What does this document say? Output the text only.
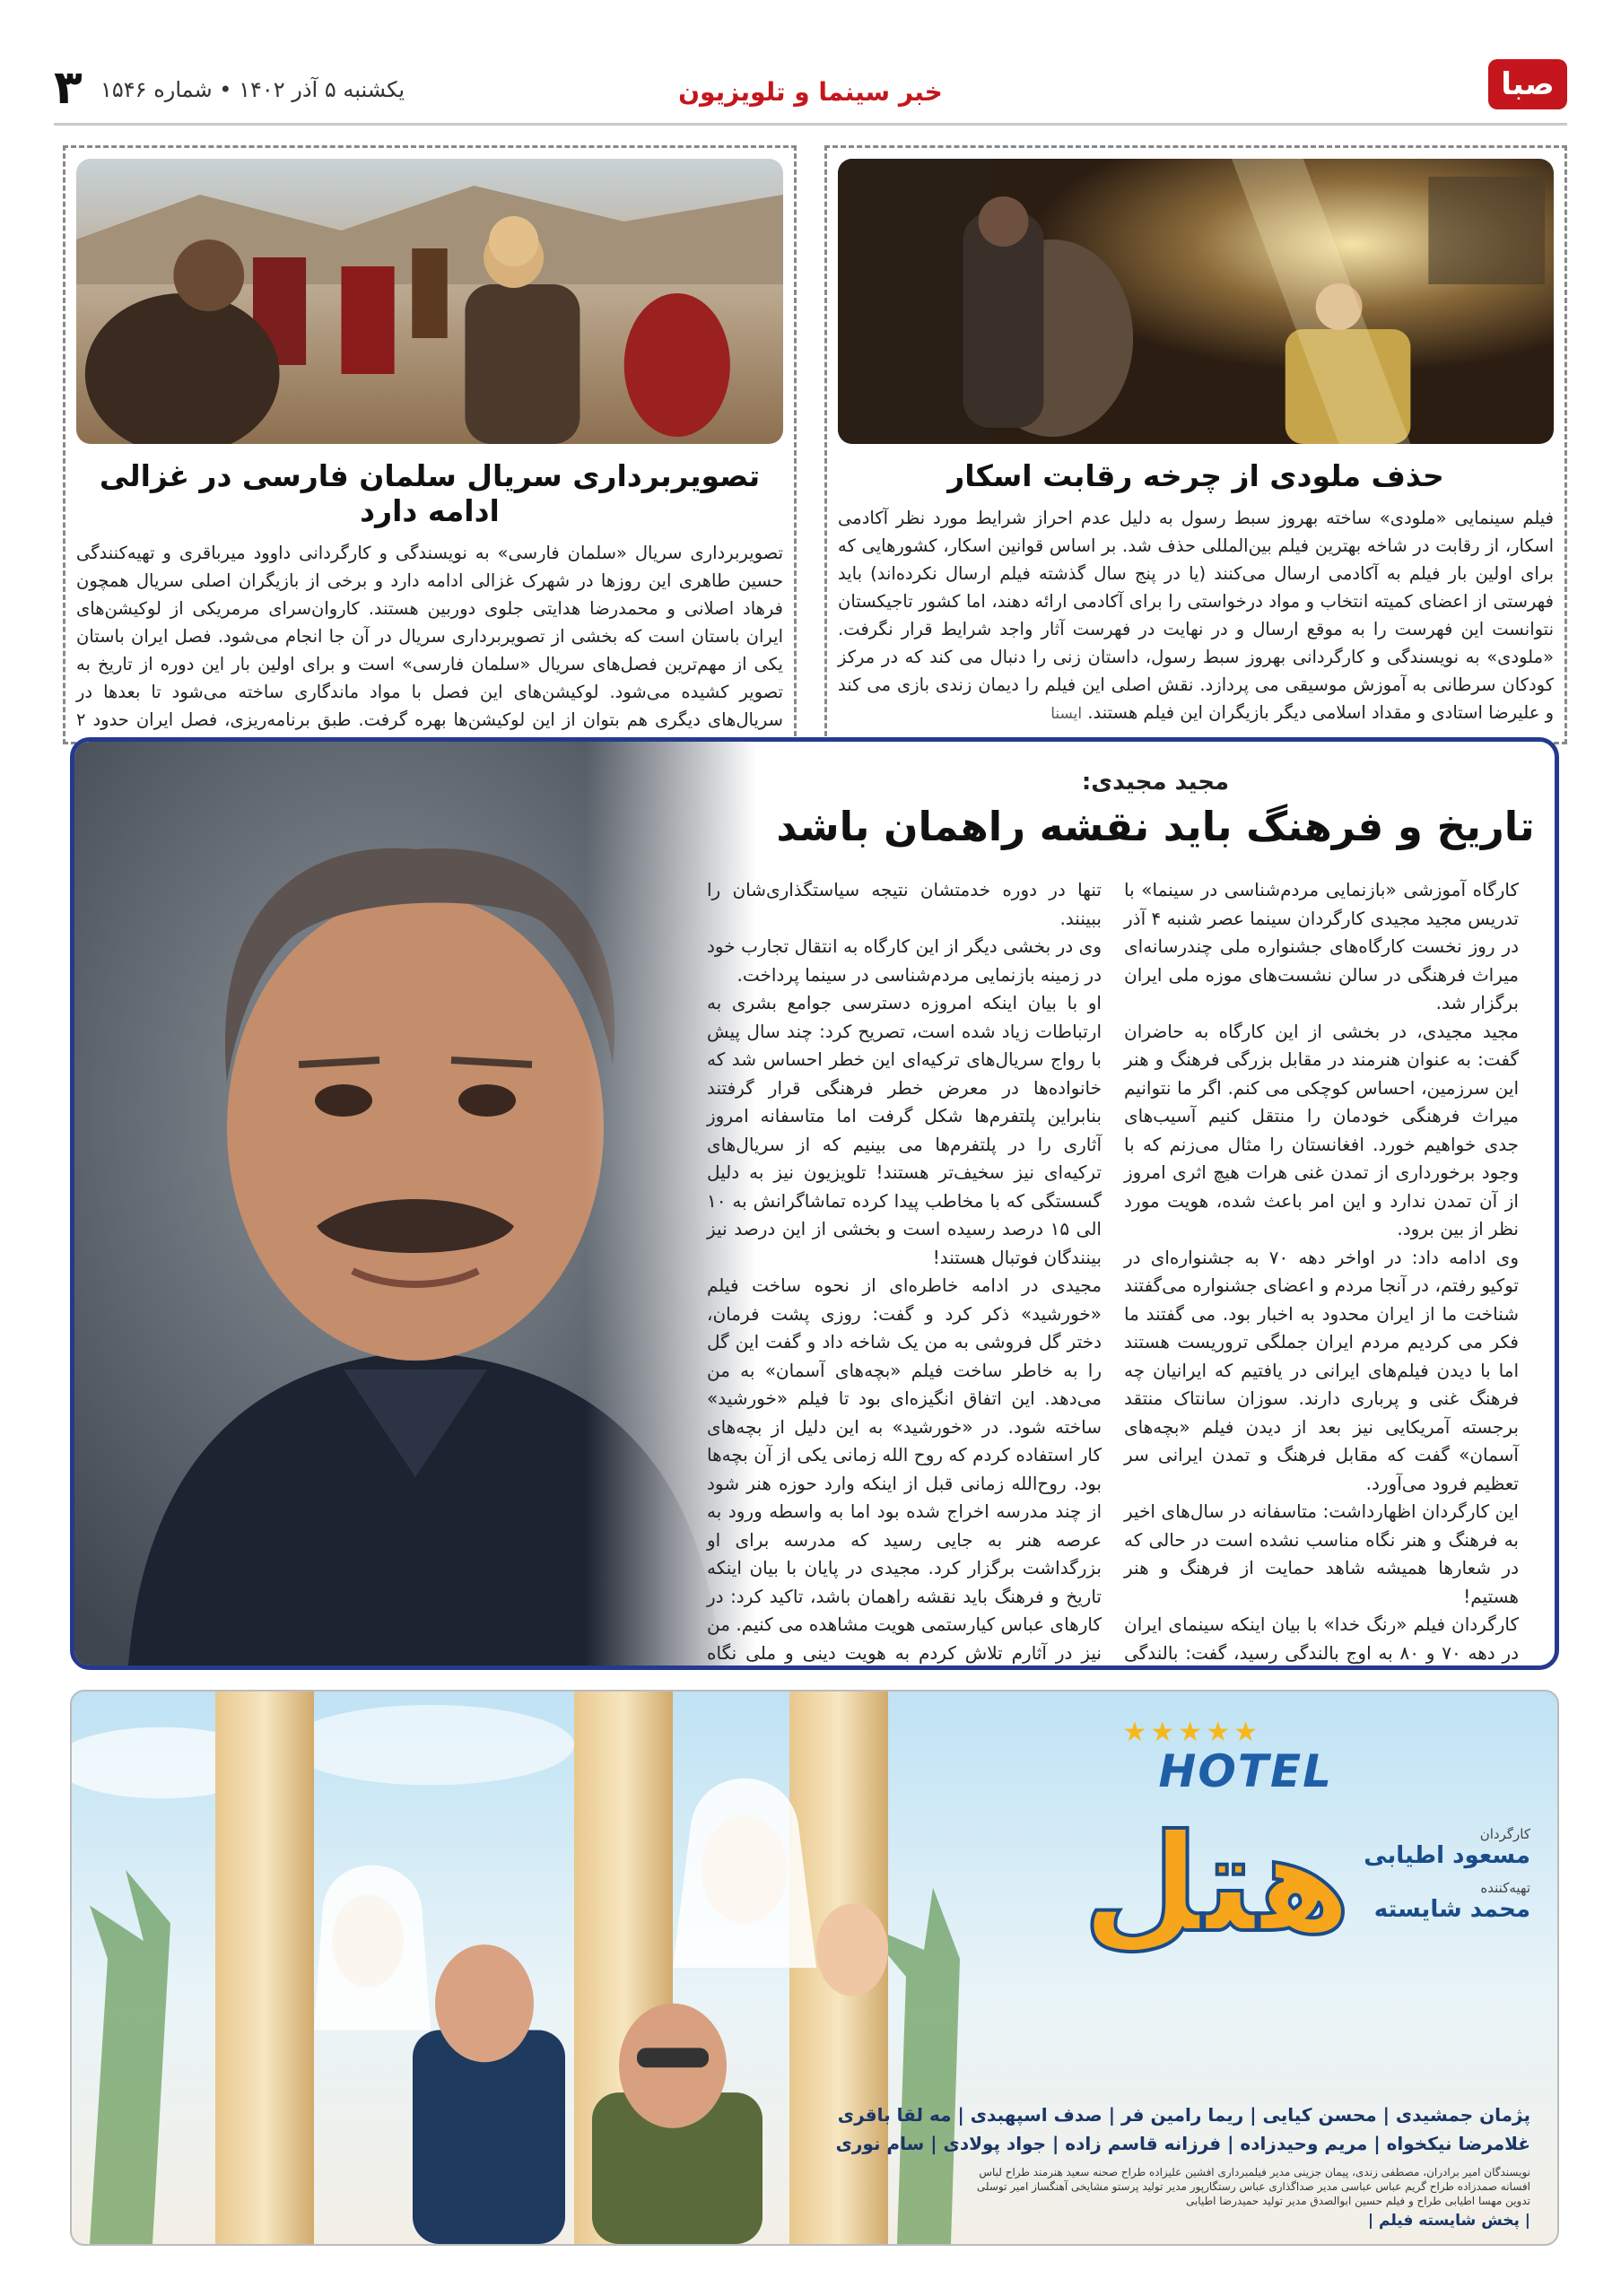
صبا
خبر سینما و تلویزیون
یکشنبه ۵ آذر ۱۴۰۲ • شماره ۱۵۴۶
۳
حذف ملودی از چرخه رقابت اسکار
فیلم سینمایی «ملودی» ساخته بهروز سبط رسول به دلیل عدم احراز شرایط مورد نظر آکادمی اسکار، از رقابت در شاخه بهترین فیلم بین‌المللی حذف شد. بر اساس قوانین اسکار، کشورهایی که برای اولین بار فیلم به آکادمی ارسال می‌کنند (یا در پنج سال گذشته فیلم ارسال نکرده‌اند) باید فهرستی از اعضای کمیته انتخاب و مواد درخواستی را برای آکادمی ارائه دهند، اما کشور تاجیکستان نتوانست این فهرست را به موقع ارسال و در نهایت در فهرست آثار واجد شرایط قرار نگرفت. «ملودی» به نویسندگی و کارگردانی بهروز سبط رسول، داستان زنی را دنبال می کند که در مرکز کودکان سرطانی به آموزش موسیقی می پردازد. نقش اصلی این فیلم را دیمان زندی بازی می کند و علیرضا استادی و مقداد اسلامی دیگر بازیگران این فیلم هستند. ایسنا
تصویربرداری سریال سلمان فارسی در غزالی ادامه دارد
تصویربرداری سریال «سلمان فارسی» به نویسندگی و کارگردانی داوود میرباقری و تهیه‌کنندگی حسین طاهری این روزها در شهرک غزالی ادامه دارد و برخی از بازیگران اصلی سریال همچون فرهاد اصلانی و محمدرضا هدایتی جلوی دوربین هستند. کاروان‌سرای مرمریکی از لوکیشن‌های ایران باستان است که بخشی از تصویربرداری سریال در آن جا انجام می‌شود. فصل ایران باستان یکی از مهم‌ترین فصل‌های سریال «سلمان فارسی» است و برای اولین بار این دوره از تاریخ به تصویر کشیده می‌شود. لوکیشن‌های این فصل با مواد ماندگاری ساخته می‌شود تا بعدها در سریال‌های دیگری هم بتوان از این لوکیشن‌ها بهره گرفت. طبق برنامه‌ریزی، فصل ایران حدود ۲
مجید مجیدی:
تاریخ و فرهنگ باید نقشه راهمان باشد

کارگاه آموزشی «بازنمایی مردم‌شناسی در سینما» با تدریس مجید مجیدی کارگردان سینما عصر شنبه ۴ آذر در روز نخست کارگاه‌های جشنواره ملی چندرسانه‌ای میراث فرهنگی در سالن نشست‌های موزه ملی ایران برگزار شد.

مجید مجیدی، در بخشی از این کارگاه به حاضران گفت: به عنوان هنرمند در مقابل بزرگی فرهنگ و هنر این سرزمین، احساس کوچکی می کنم. اگر ما نتوانیم میراث فرهنگی خودمان را منتقل کنیم آسیب‌های جدی خواهیم خورد. افغانستان را مثال می‌زنم که با وجود برخورداری از تمدن غنی هرات هیچ اثری امروز از آن تمدن ندارد و این امر باعث شده، هویت مورد نظر از بین برود.

وی ادامه داد: در اواخر دهه ۷۰ به جشنواره‌ای در توکیو رفتم، در آنجا مردم و اعضای جشنواره می‌گفتند شناخت ما از ایران محدود به اخبار بود. می گفتند ما فکر می کردیم مردم ایران جملگی تروریست هستند اما با دیدن فیلم‌های ایرانی در یافتیم که ایرانیان چه فرهنگ غنی و پرباری دارند. سوزان سانتاک منتقد برجسته آمریکایی نیز بعد از دیدن فیلم «بچه‌های آسمان» گفت که مقابل فرهنگ و تمدن ایرانی سر تعظیم فرود می‌آورد.

این کارگردان اظهارداشت: متاسفانه در سال‌های اخیر به فرهنگ و هنر نگاه مناسب نشده است در حالی که در شعارها همیشه شاهد حمایت از فرهنگ و هنر هستیم!

کارگردان فیلم «رنگ خدا» با بیان اینکه سینمای ایران در دهه ۷۰ و ۸۰ به اوج بالندگی رسید، گفت: بالندگی

تنها در دوره خدمتشان نتیجه سیاستگذاری‌شان را ببینند.

وی در بخشی دیگر از این کارگاه به انتقال تجارب خود در زمینه بازنمایی مردم‌شناسی در سینما پرداخت.

او با بیان اینکه امروزه دسترسی جوامع بشری به ارتباطات زیاد شده است، تصریح کرد: چند سال پیش با رواج سریال‌های ترکیه‌ای این خطر احساس شد که خانواده‌ها در معرض خطر فرهنگی قرار گرفتند بنابراین پلتفرم‌ها شکل گرفت اما متاسفانه امروز آثاری را در پلتفرم‌ها می بینیم که از سریال‌های ترکیه‌ای نیز سخیف‌تر هستند! تلویزیون نیز به دلیل گسستگی که با مخاطب پیدا کرده تماشاگرانش به ۱۰ الی ۱۵ درصد رسیده است و بخشی از این درصد نیز بینندگان فوتبال هستند!

مجیدی در ادامه خاطره‌ای از نحوه ساخت فیلم «خورشید» ذکر کرد و گفت: روزی پشت فرمان، دختر گل فروشی به من یک شاخه داد و گفت این گل را به خاطر ساخت فیلم «بچه‌های آسمان» به من می‌دهد. این اتفاق انگیزه‌ای بود تا فیلم «خورشید» ساخته شود. در «خورشید» به این دلیل از بچه‌های کار استفاده کردم که روح الله زمانی یکی از آن بچه‌ها بود. روح‌الله زمانی قبل از اینکه وارد حوزه هنر شود از چند مدرسه اخراج شده بود اما به واسطه ورود به عرصه هنر به جایی رسید که مدرسه برای او بزرگداشت برگزار کرد. مجیدی در پایان با بیان اینکه تاریخ و فرهنگ باید نقشه راهمان باشد، تاکید کرد: در کارهای عباس کیارستمی هویت مشاهده می کنیم. من نیز در آثارم تلاش کردم به هویت دینی و ملی نگاه

★★★★★
HOTEL
هتل	کارگردان
مسعود اطیابی
تهیه‌کننده
محمد شایسته
پژمان جمشیدی | محسن کیایی | ریما رامین فر | صدف اسپهبدی | مه لقا باقری
غلامرضا نیکخواه | مریم وحیدزاده | فرزانه قاسم زاده | جواد پولادی | سام نوری
نویسندگان امیر برادران، مصطفی زندی، پیمان جزینی مدیر فیلمبرداری افشین علیزاده طراح صحنه سعید هنرمند طراح لباس افسانه صمدزاده طراح گریم عباس عباسی مدیر صداگذاری عباس رستگارپور مدیر تولید پرستو مشایخی آهنگساز امیر توسلی تدوین مهسا اطیابی طراح و فیلم حسین ابوالصدق مدیر تولید حمیدرضا اطیابی
| پخش شایسته فیلم |
